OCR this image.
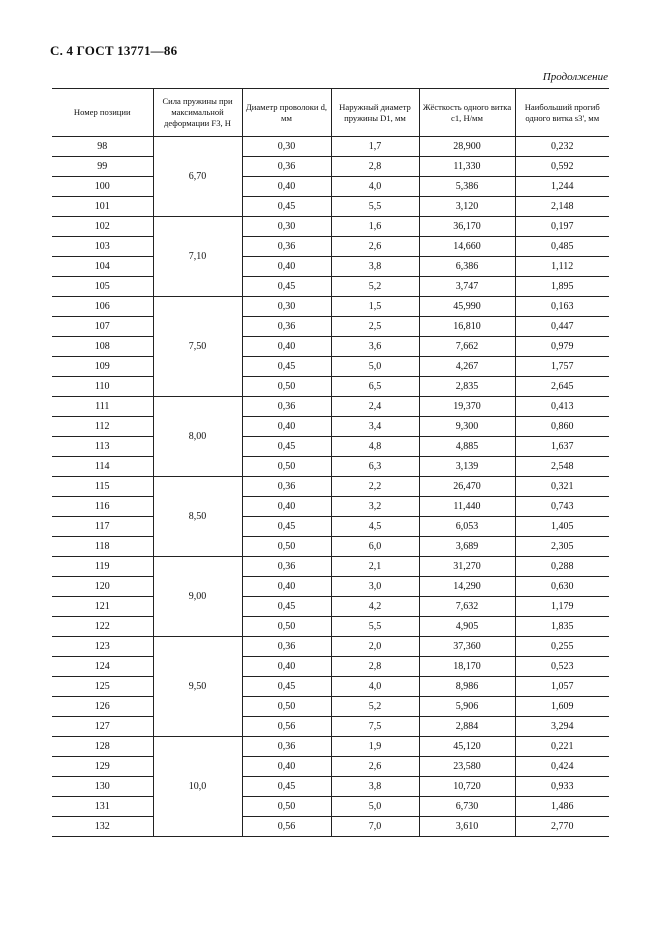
С. 4 ГОСТ 13771—86
Продолжение
Номер позиции	Сила пружины при максимальной деформации F3, Н	Диаметр проволоки d, мм	Наружный диаметр пружины D1, мм	Жёсткость одного витка c1, Н/мм	Наибольший прогиб одного витка s3', мм
98	6,70	0,30	1,7	28,900	0,232
99		0,36	2,8	11,330	0,592
100		0,40	4,0	5,386	1,244
101		0,45	5,5	3,120	2,148
102	7,10	0,30	1,6	36,170	0,197
103		0,36	2,6	14,660	0,485
104		0,40	3,8	6,386	1,112
105		0,45	5,2	3,747	1,895
106	7,50	0,30	1,5	45,990	0,163
107		0,36	2,5	16,810	0,447
108		0,40	3,6	7,662	0,979
109		0,45	5,0	4,267	1,757
110		0,50	6,5	2,835	2,645
111	8,00	0,36	2,4	19,370	0,413
112		0,40	3,4	9,300	0,860
113		0,45	4,8	4,885	1,637
114		0,50	6,3	3,139	2,548
115	8,50	0,36	2,2	26,470	0,321
116		0,40	3,2	11,440	0,743
117		0,45	4,5	6,053	1,405
118		0,50	6,0	3,689	2,305
119	9,00	0,36	2,1	31,270	0,288
120		0,40	3,0	14,290	0,630
121		0,45	4,2	7,632	1,179
122		0,50	5,5	4,905	1,835
123	9,50	0,36	2,0	37,360	0,255
124		0,40	2,8	18,170	0,523
125		0,45	4,0	8,986	1,057
126		0,50	5,2	5,906	1,609
127		0,56	7,5	2,884	3,294
128	10,0	0,36	1,9	45,120	0,221
129		0,40	2,6	23,580	0,424
130		0,45	3,8	10,720	0,933
131		0,50	5,0	6,730	1,486
132		0,56	7,0	3,610	2,770
